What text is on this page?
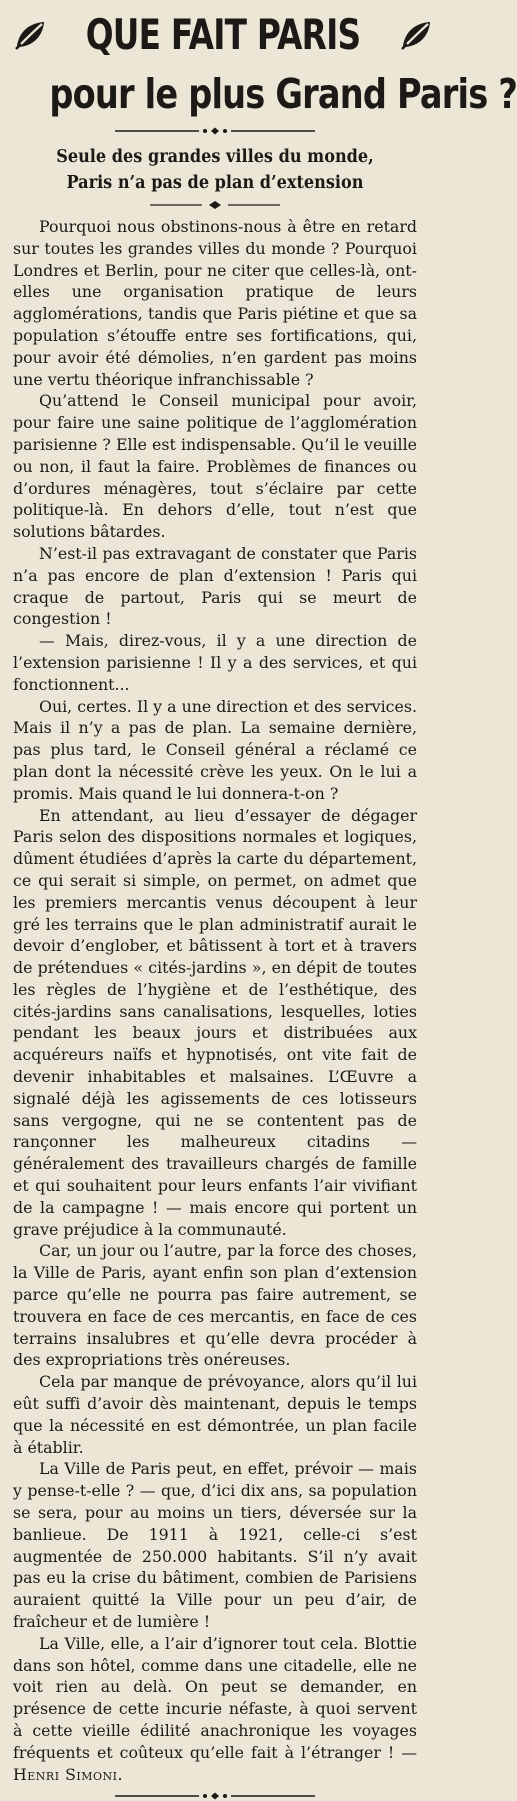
QUE FAIT PARIS
pour le plus Grand Paris ?
Seule des grandes villes du monde,
Paris n’a pas de plan d’extension

Pourquoi nous obstinons-nous à être en retard sur toutes les grandes villes du monde ? Pourquoi Londres et Berlin, pour ne citer que celles-là, ont-elles une organisation pratique de leurs agglomérations, tandis que Paris piétine et que sa population s’étouffe entre ses fortifications, qui, pour avoir été démolies, n’en gardent pas moins une vertu théorique infranchissable ?

Qu’attend le Conseil municipal pour avoir, pour faire une saine politique de l’agglomération parisienne ? Elle est indispensable. Qu’il le veuille ou non, il faut la faire. Problèmes de finances ou d’ordures ménagères, tout s’éclaire par cette politique-là. En dehors d’elle, tout n’est que solutions bâtardes.

N’est-il pas extravagant de constater que Paris n’a pas encore de plan d’extension ! Paris qui craque de partout, Paris qui se meurt de congestion !

— Mais, direz-vous, il y a une direction de l’extension parisienne ! Il y a des services, et qui fonctionnent...

Oui, certes. Il y a une direction et des services. Mais il n’y a pas de plan. La semaine dernière, pas plus tard, le Conseil général a réclamé ce plan dont la nécessité crève les yeux. On le lui a promis. Mais quand le lui donnera-t-on ?

En attendant, au lieu d’essayer de dégager Paris selon des dispositions normales et logiques, dûment étudiées d’après la carte du département, ce qui serait si simple, on permet, on admet que les premiers mercantis venus découpent à leur gré les terrains que le plan administratif aurait le devoir d’englober, et bâtissent à tort et à travers de prétendues « cités-jardins », en dépit de toutes les règles de l’hygiène et de l’esthétique, des cités-jardins sans canalisations, lesquelles, loties pendant les beaux jours et distribuées aux acquéreurs naïfs et hypnotisés, ont vite fait de devenir inhabitables et malsaines. L’Œuvre a signalé déjà les agissements de ces lotisseurs sans vergogne, qui ne se contentent pas de rançonner les malheureux citadins — généralement des travailleurs chargés de famille et qui souhaitent pour leurs enfants l’air vivifiant de la campagne ! — mais encore qui portent un grave préjudice à la communauté.

Car, un jour ou l’autre, par la force des choses, la Ville de Paris, ayant enfin son plan d’extension parce qu’elle ne pourra pas faire autrement, se trouvera en face de ces mercantis, en face de ces terrains insalubres et qu’elle devra procéder à des expropriations très onéreuses.

Cela par manque de prévoyance, alors qu’il lui eût suffi d’avoir dès maintenant, depuis le temps que la nécessité en est démontrée, un plan facile à établir.

La Ville de Paris peut, en effet, prévoir — mais y pense-t-elle ? — que, d’ici dix ans, sa population se sera, pour au moins un tiers, déversée sur la banlieue. De 1911 à 1921, celle-ci s’est augmentée de 250.000 habitants. S’il n’y avait pas eu la crise du bâtiment, combien de Parisiens auraient quitté la Ville pour un peu d’air, de fraîcheur et de lumière !

La Ville, elle, a l’air d’ignorer tout cela. Blottie dans son hôtel, comme dans une citadelle, elle ne voit rien au delà. On peut se demander, en présence de cette incurie néfaste, à quoi servent à cette vieille édilité anachronique les voyages fréquents et coûteux qu’elle fait à l’étranger ! — Henri Simoni.
